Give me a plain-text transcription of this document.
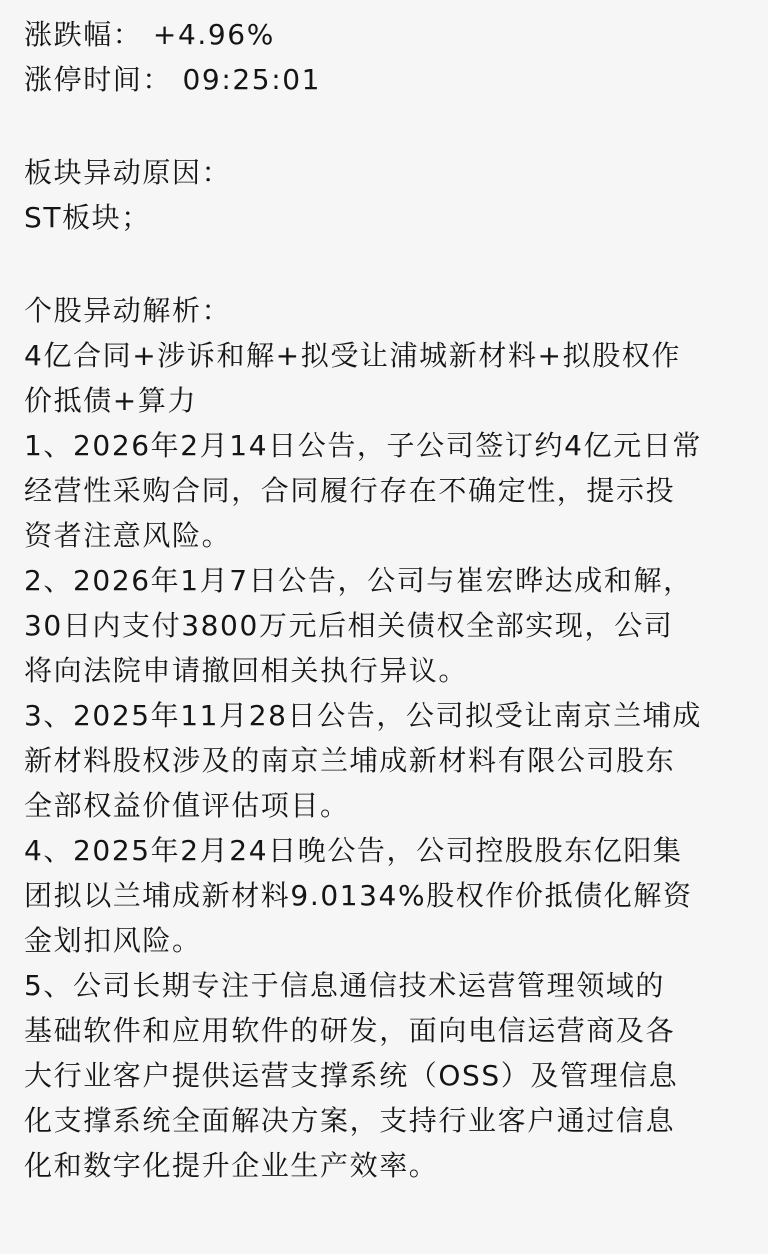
涨跌幅： +4.96%
涨停时间： 09:25:01
板块异动原因：
ST板块；
个股异动解析：
4亿合同+涉诉和解+拟受让浦城新材料+拟股权作
价抵债+算力
1、2026年2月14日公告，子公司签订约4亿元日常
经营性采购合同，合同履行存在不确定性，提示投
资者注意风险。
2、2026年1月7日公告，公司与崔宏晔达成和解，
30日内支付3800万元后相关债权全部实现，公司
将向法院申请撤回相关执行异议。
3、2025年11月28日公告，公司拟受让南京兰埔成
新材料股权涉及的南京兰埔成新材料有限公司股东
全部权益价值评估项目。
4、2025年2月24日晚公告，公司控股股东亿阳集
团拟以兰埔成新材料9.0134%股权作价抵债化解资
金划扣风险。
5、公司长期专注于信息通信技术运营管理领域的
基础软件和应用软件的研发，面向电信运营商及各
大行业客户提供运营支撑系统（OSS）及管理信息
化支撑系统全面解决方案，支持行业客户通过信息
化和数字化提升企业生产效率。
